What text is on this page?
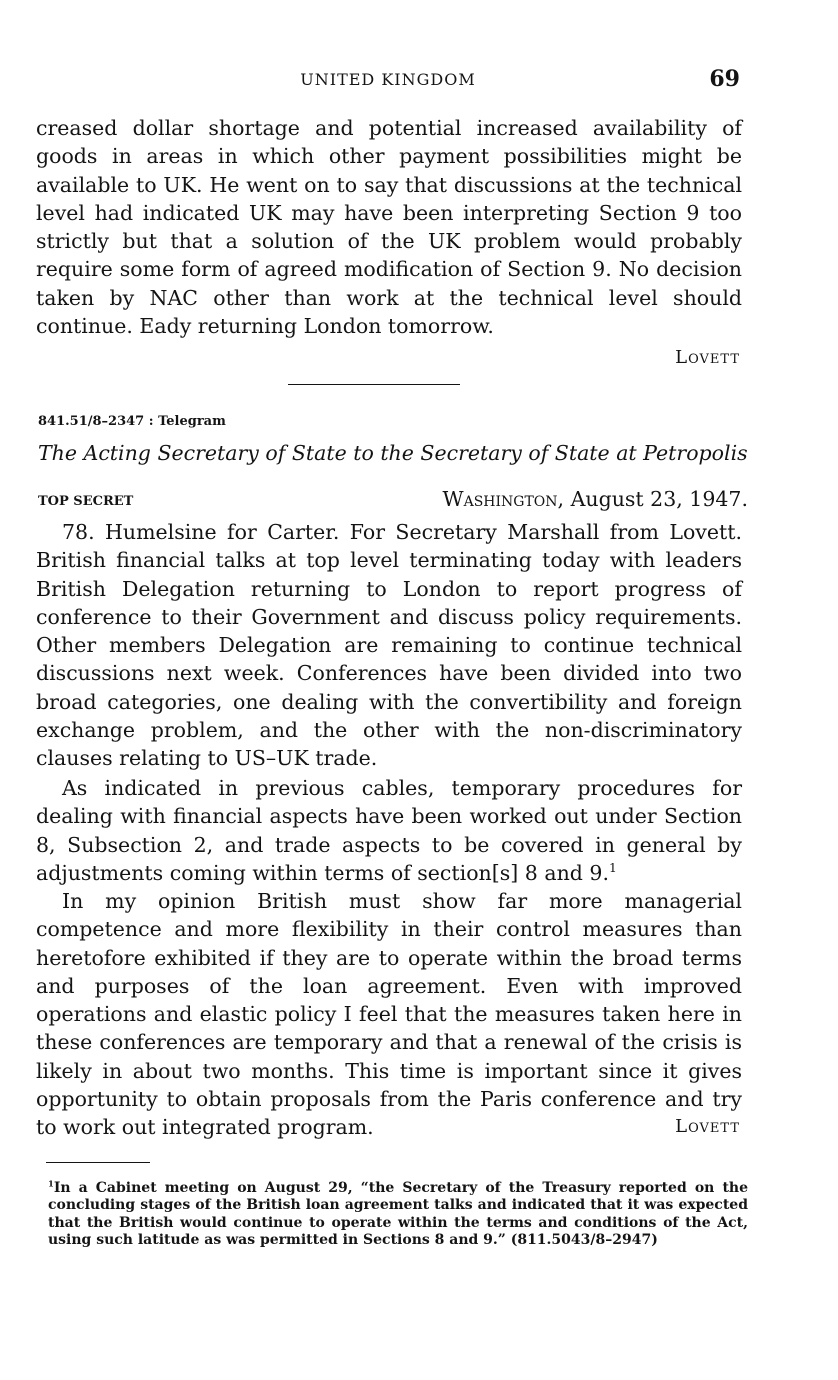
UNITED KINGDOM	69

creased dollar shortage and potential increased availability of goods in areas in which other payment possibilities might be available to UK. He went on to say that discussions at the technical level had indicated UK may have been interpreting Section 9 too strictly but that a solution of the UK problem would probably require some form of agreed modification of Section 9. No decision taken by NAC other than work at the technical level should continue. Eady returning London tomorrow.

Lovett
841.51/8–2347 : Telegram
The Acting Secretary of State to the Secretary of State at Petropolis
TOP SECRET	Washington, August 23, 1947.

78. Humelsine for Carter. For Secretary Marshall from Lovett. British financial talks at top level terminating today with leaders British Delegation returning to London to report progress of conference to their Government and discuss policy requirements. Other members Delegation are remaining to continue technical discussions next week. Conferences have been divided into two broad categories, one dealing with the convertibility and foreign exchange problem, and the other with the non-discriminatory clauses relating to US–UK trade.

As indicated in previous cables, temporary procedures for dealing with financial aspects have been worked out under Section 8, Subsection 2, and trade aspects to be covered in general by adjustments coming within terms of section[s] 8 and 9.$^1$

In my opinion British must show far more managerial competence and more flexibility in their control measures than heretofore exhibited if they are to operate within the broad terms and purposes of the loan agreement. Even with improved operations and elastic policy I feel that the measures taken here in these conferences are temporary and that a renewal of the crisis is likely in about two months. This time is important since it gives opportunity to obtain proposals from the Paris conference and try to work out integrated program.	Lovett

$^1$In a Cabinet meeting on August 29, “the Secretary of the Treasury reported on the concluding stages of the British loan agreement talks and indicated that it was expected that the British would continue to operate within the terms and conditions of the Act, using such latitude as was permitted in Sections 8 and 9.” (811.5043/8–2947)
